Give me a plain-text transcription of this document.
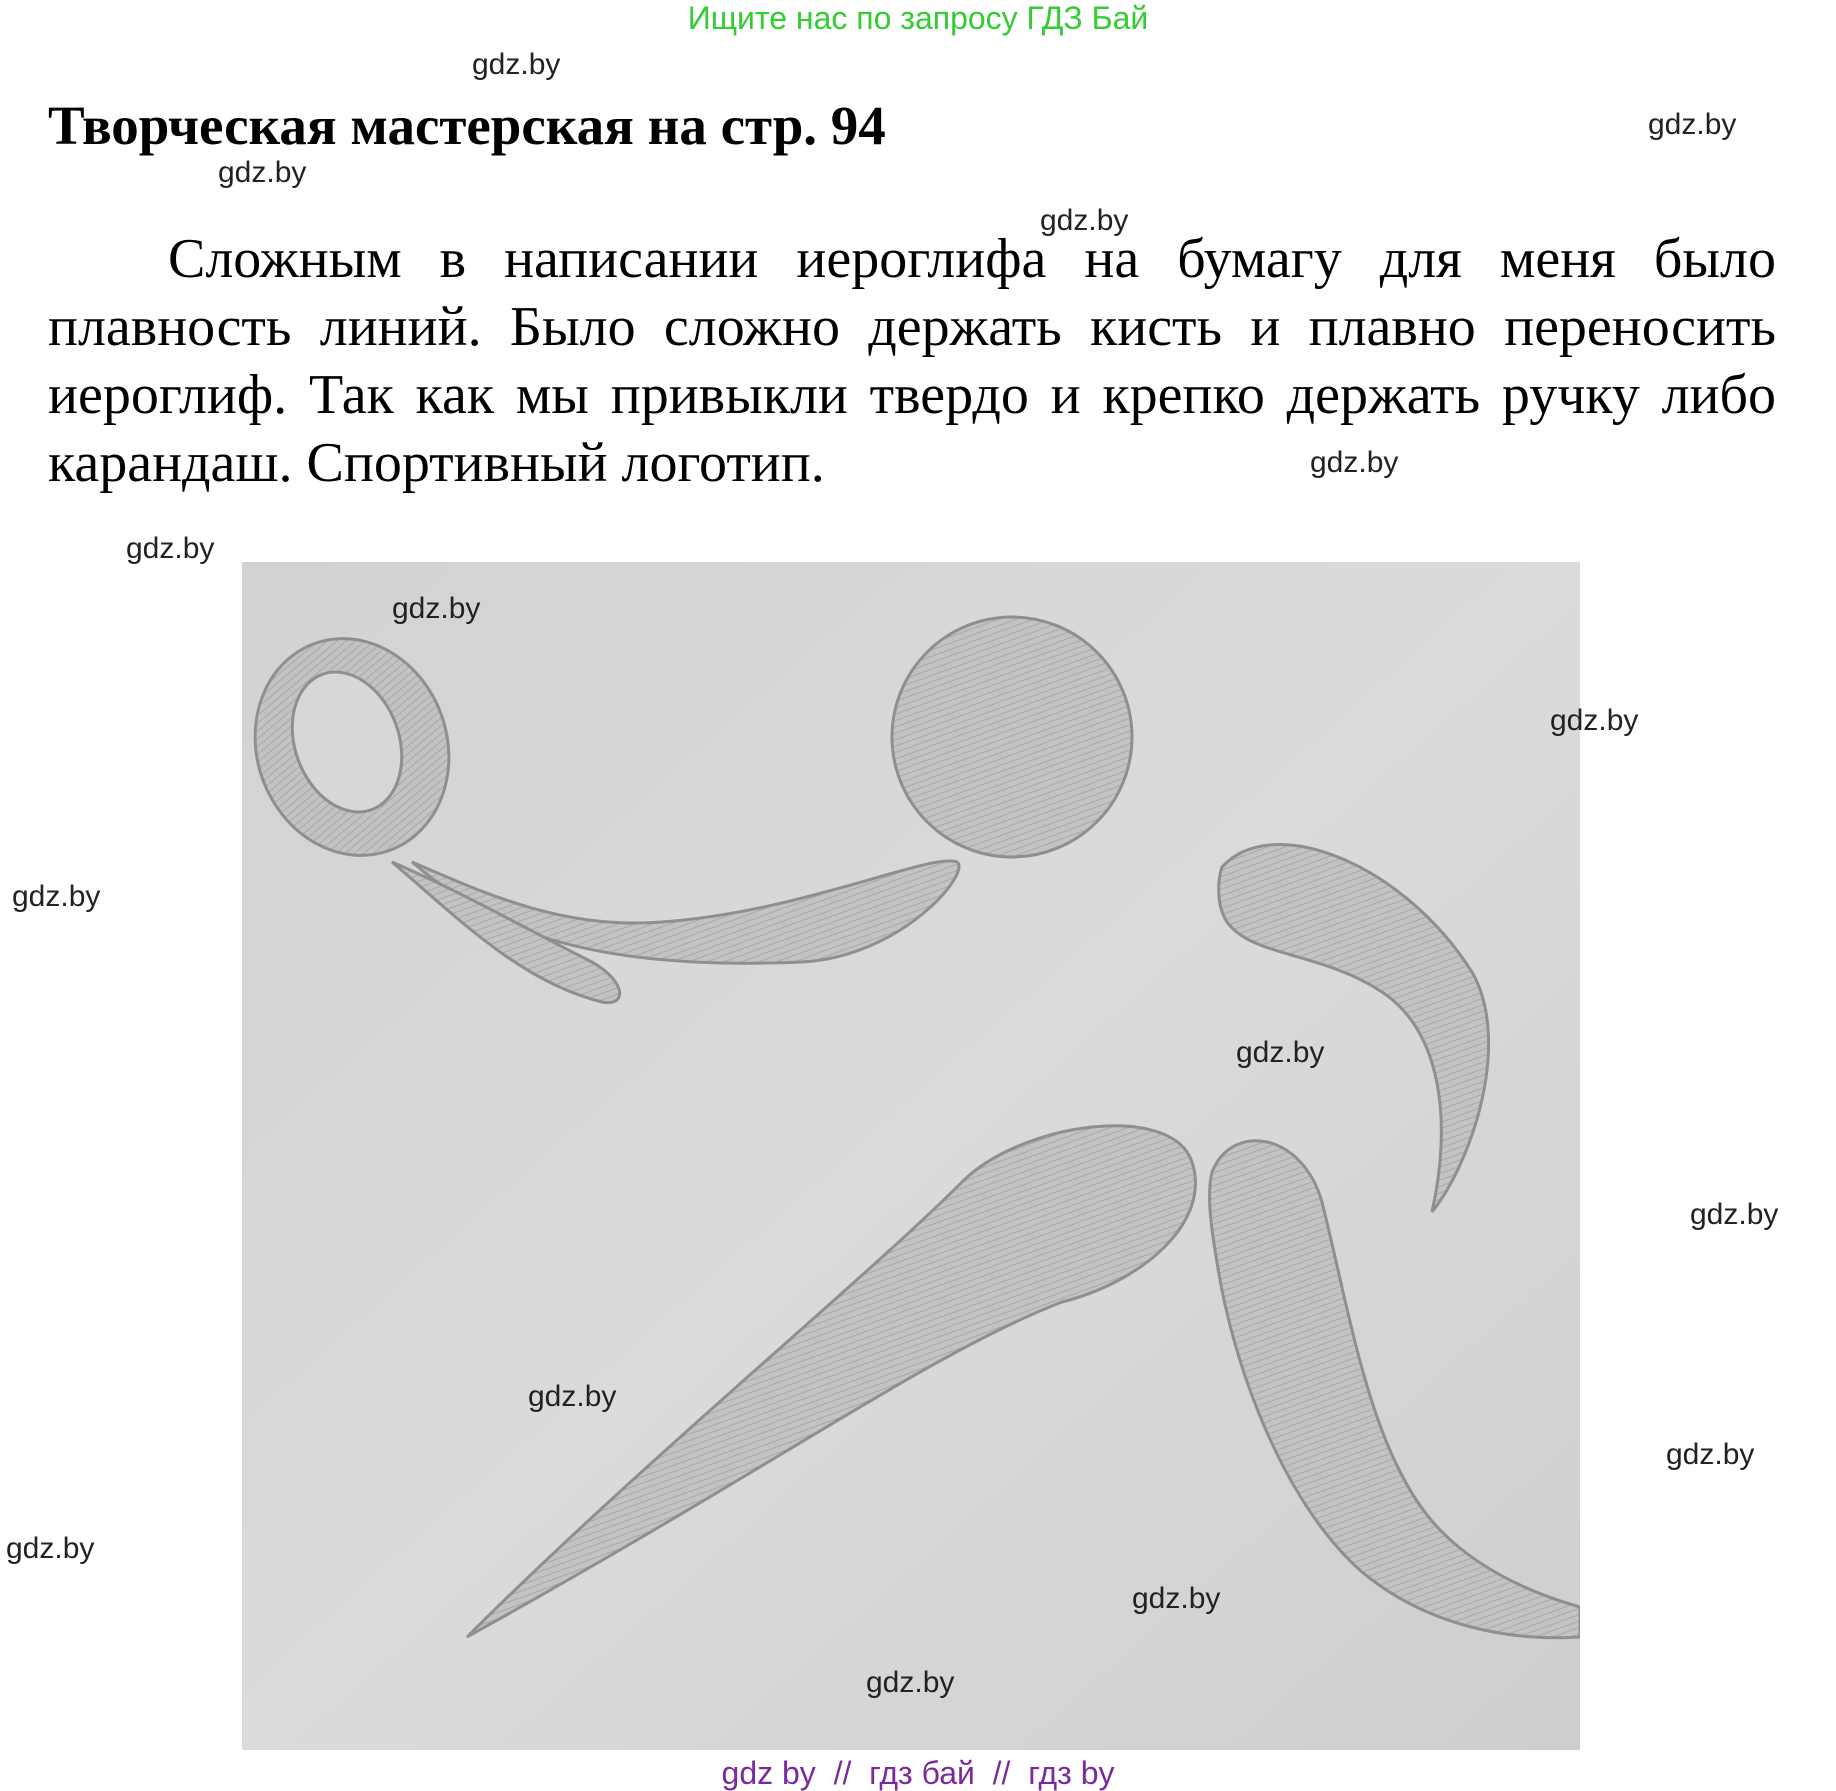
Ищите нас по запросу ГДЗ Бай
Творческая мастерская на стр. 94

Сложным в написании иероглифа на бумагу для меня было плавность линий. Было сложно держать кисть и плавно переносить иероглиф. Так как мы привыкли твердо и крепко держать ручку либо карандаш. Спортивный логотип.

gdz.by
gdz.by
gdz.by
gdz.by
gdz.by
gdz.by
gdz.by
gdz.by
gdz.by
gdz.by
gdz.by
gdz.by
gdz.by
gdz.by
gdz.by
gdz.by
gdz by  //  гдз бай  //  гдз by
